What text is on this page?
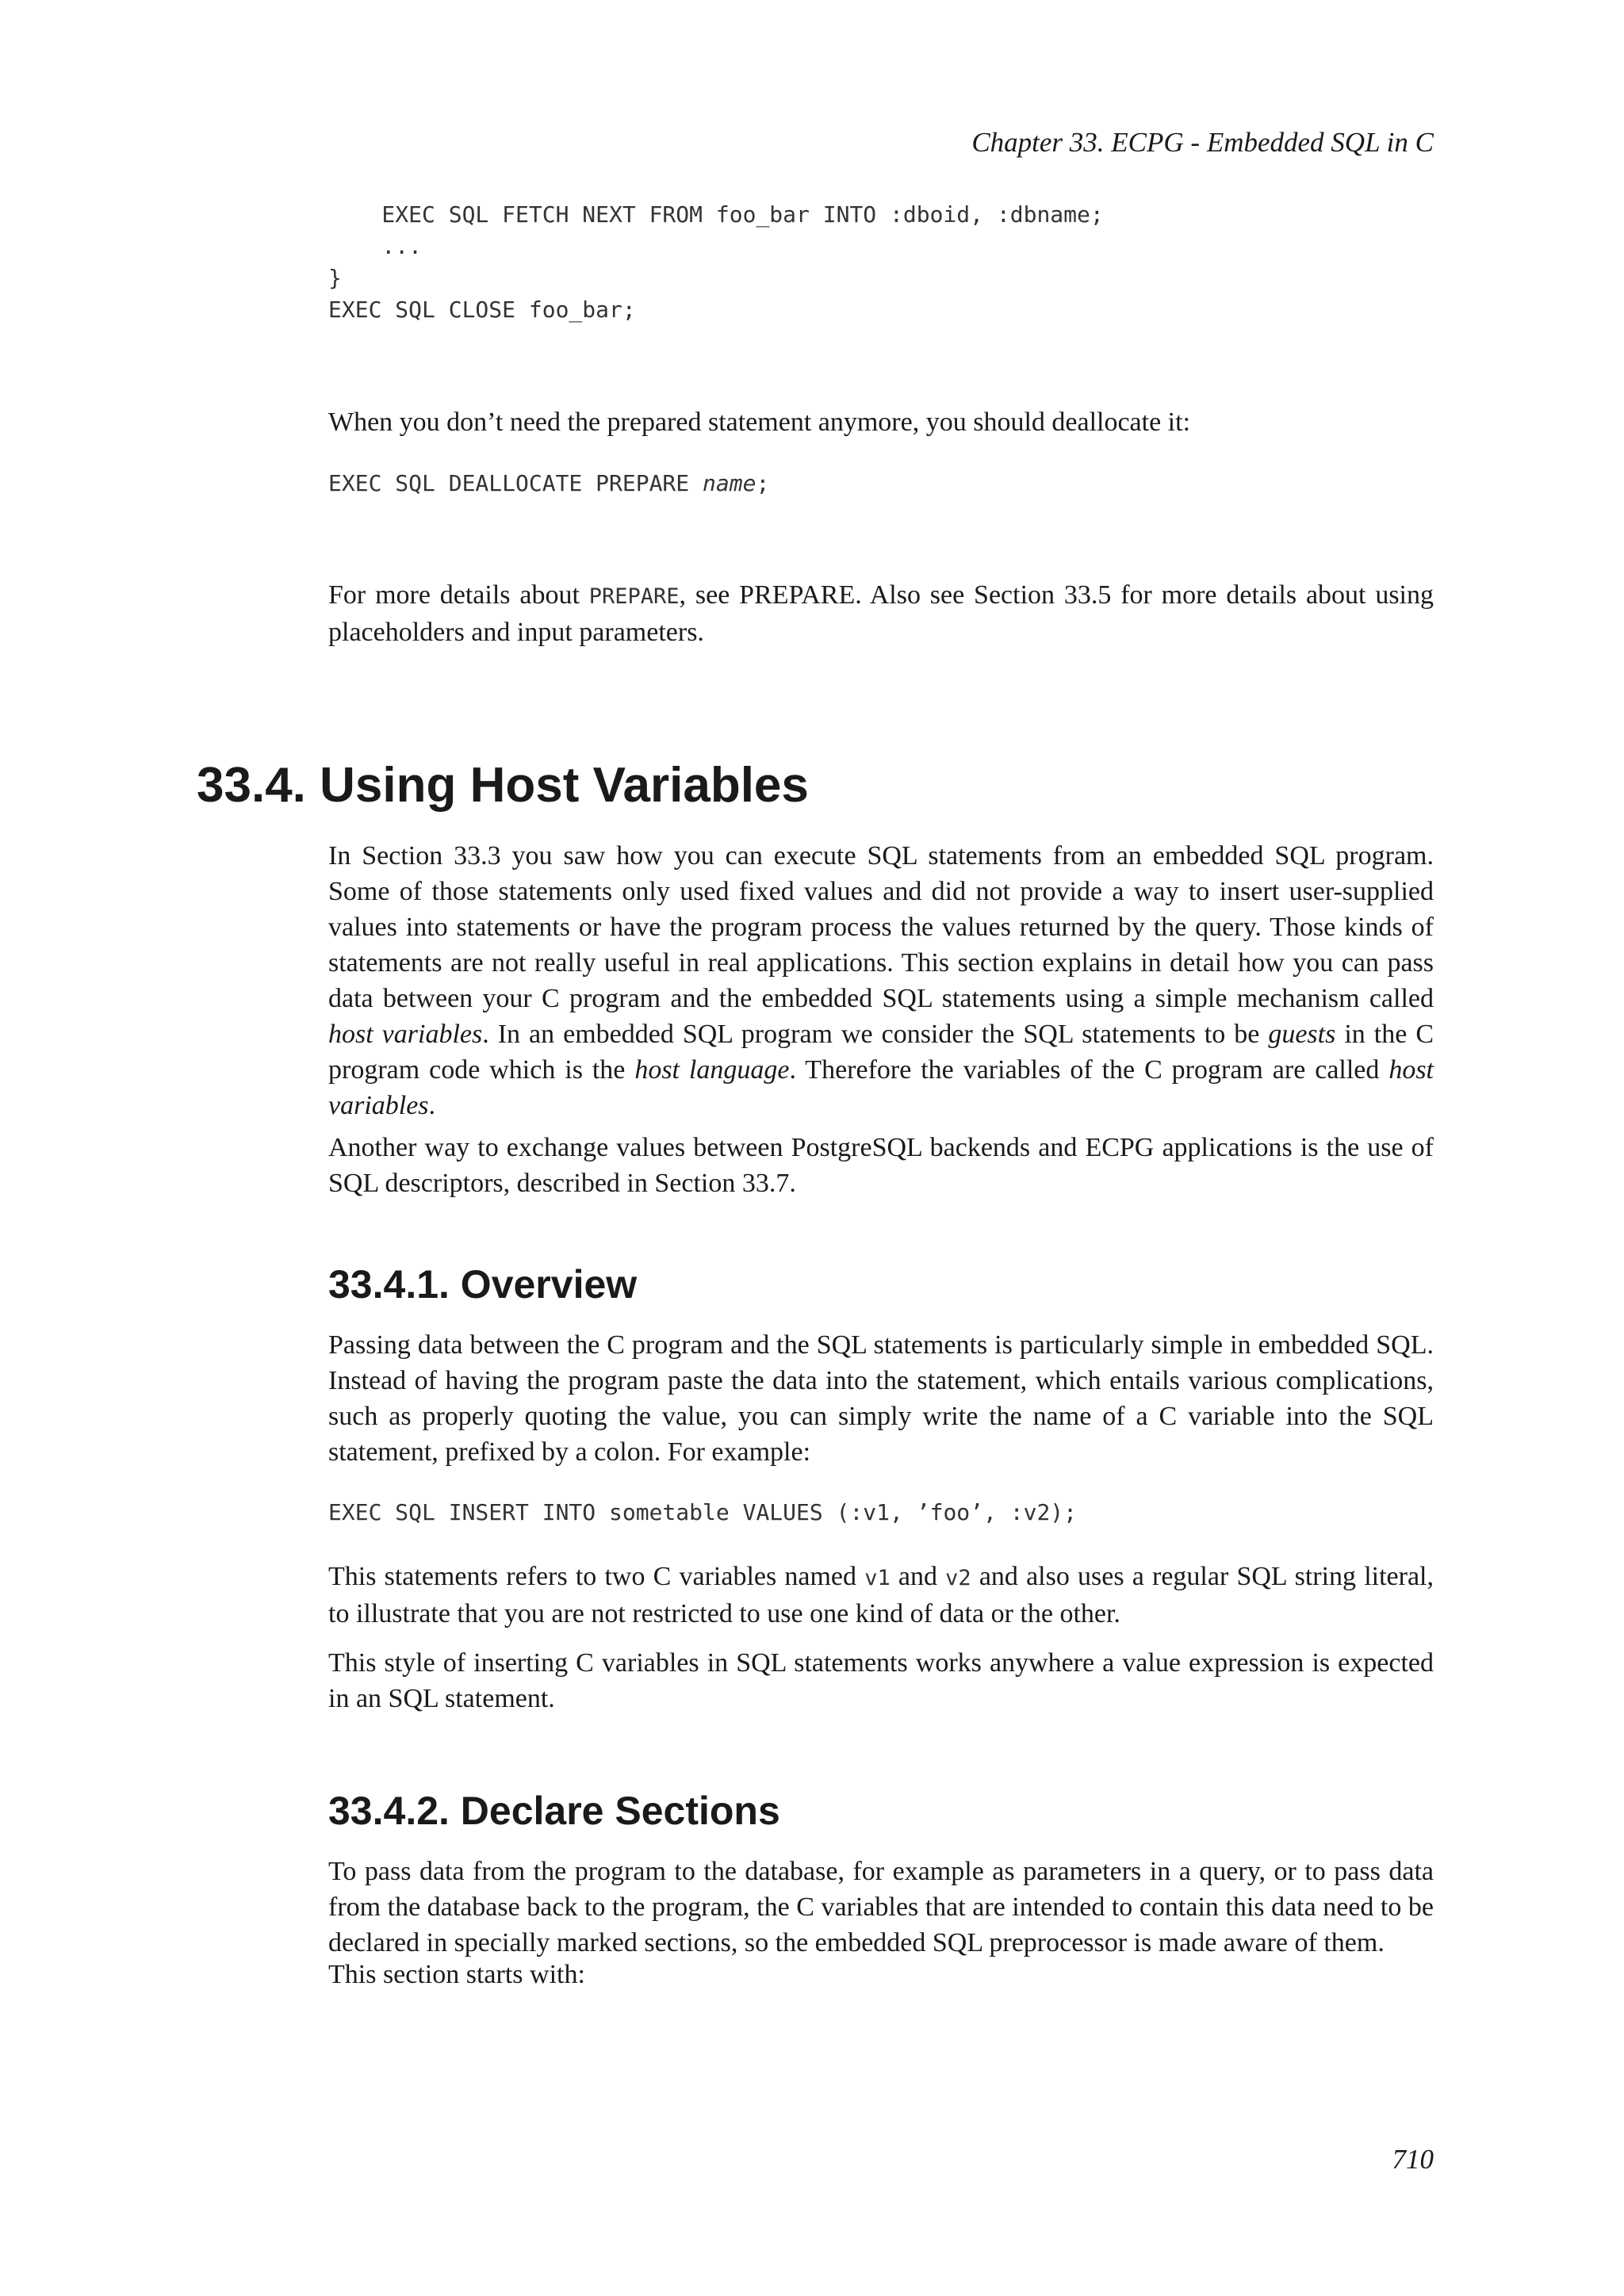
Chapter 33. ECPG - Embedded SQL in C
EXEC SQL FETCH NEXT FROM foo_bar INTO :dboid, :dbname;
...
}
EXEC SQL CLOSE foo_bar;

When you don’t need the prepared statement anymore, you should deallocate it:

EXEC SQL DEALLOCATE PREPARE name;

For more details about PREPARE, see PREPARE. Also see Section 33.5 for more details about using placeholders and input parameters.

33.4. Using Host Variables

In Section 33.3 you saw how you can execute SQL statements from an embedded SQL program. Some of those statements only used fixed values and did not provide a way to insert user-supplied values into statements or have the program process the values returned by the query. Those kinds of statements are not really useful in real applications. This section explains in detail how you can pass data between your C program and the embedded SQL statements using a simple mechanism called host variables. In an embedded SQL program we consider the SQL statements to be guests in the C program code which is the host language. Therefore the variables of the C program are called host variables.

Another way to exchange values between PostgreSQL backends and ECPG applications is the use of SQL descriptors, described in Section 33.7.

33.4.1. Overview

Passing data between the C program and the SQL statements is particularly simple in embedded SQL. Instead of having the program paste the data into the statement, which entails various complications, such as properly quoting the value, you can simply write the name of a C variable into the SQL statement, prefixed by a colon. For example:

EXEC SQL INSERT INTO sometable VALUES (:v1, ’foo’, :v2);

This statements refers to two C variables named v1 and v2 and also uses a regular SQL string literal, to illustrate that you are not restricted to use one kind of data or the other.

This style of inserting C variables in SQL statements works anywhere a value expression is expected in an SQL statement.

33.4.2. Declare Sections

To pass data from the program to the database, for example as parameters in a query, or to pass data from the database back to the program, the C variables that are intended to contain this data need to be declared in specially marked sections, so the embedded SQL preprocessor is made aware of them.

This section starts with:

710
